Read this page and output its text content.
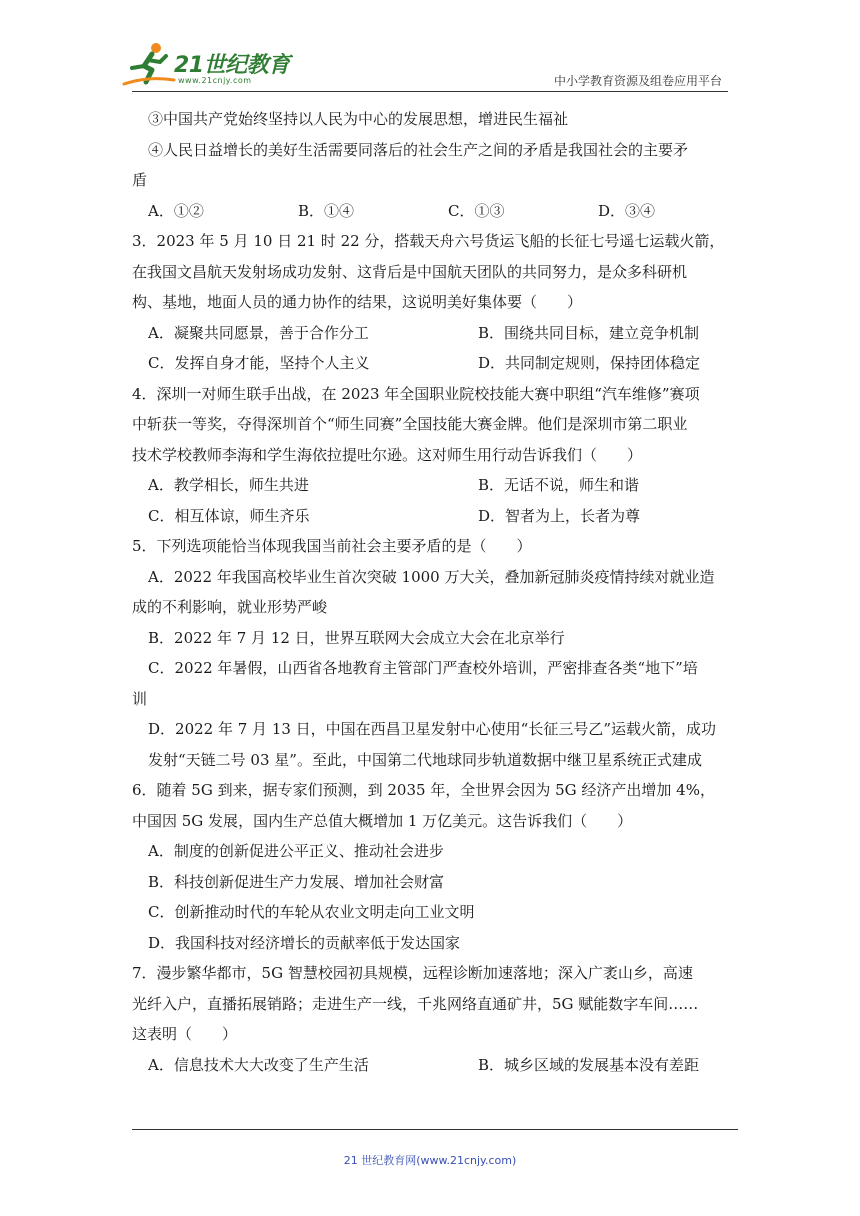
21世纪教育
www.21cnjy.com	中小学教育资源及组卷应用平台
③中国共产党始终坚持以人民为中心的发展思想，增进民生福祉
④人民日益增长的美好生活需要同落后的社会生产之间的矛盾是我国社会的主要矛
盾
A．①②	B．①④	C．①③	D．③④
3．2023 年 5 月 10 日 21 时 22 分，搭载天舟六号货运飞船的长征七号遥七运载火箭，
在我国文昌航天发射场成功发射、这背后是中国航天团队的共同努力，是众多科研机
构、基地，地面人员的通力协作的结果，这说明美好集体要（　　）
A．凝聚共同愿景，善于合作分工	B．围绕共同目标，建立竞争机制
C．发挥自身才能，坚持个人主义	D．共同制定规则，保持团体稳定
4．深圳一对师生联手出战，在 2023 年全国职业院校技能大赛中职组“汽车维修”赛项
中斩获一等奖，夺得深圳首个“师生同赛”全国技能大赛金牌。他们是深圳市第二职业
技术学校教师李海和学生海依拉提吐尔逊。这对师生用行动告诉我们（　　）
A．教学相长，师生共进	B．无话不说，师生和谐
C．相互体谅，师生齐乐	D．智者为上，长者为尊
5．下列选项能恰当体现我国当前社会主要矛盾的是（　　）
A．2022 年我国高校毕业生首次突破 1000 万大关，叠加新冠肺炎疫情持续对就业造
成的不利影响，就业形势严峻
B．2022 年 7 月 12 日，世界互联网大会成立大会在北京举行
C．2022 年暑假，山西省各地教育主管部门严查校外培训，严密排查各类“地下”培
训
D．2022 年 7 月 13 日，中国在西昌卫星发射中心使用“长征三号乙”运载火箭，成功
发射“天链二号 03 星”。至此，中国第二代地球同步轨道数据中继卫星系统正式建成
6．随着 5G 到来，据专家们预测，到 2035 年，全世界会因为 5G 经济产出增加 4%，
中国因 5G 发展，国内生产总值大概增加 1 万亿美元。这告诉我们（　　）
A．制度的创新促进公平正义、推动社会进步
B．科技创新促进生产力发展、增加社会财富
C．创新推动时代的车轮从农业文明走向工业文明
D．我国科技对经济增长的贡献率低于发达国家
7．漫步繁华都市，5G 智慧校园初具规模，远程诊断加速落地；深入广袤山乡，高速
光纤入户，直播拓展销路；走进生产一线，千兆网络直通矿井，5G 赋能数字车间……
这表明（　　）
A．信息技术大大改变了生产生活	B．城乡区域的发展基本没有差距
21 世纪教育网(www.21cnjy.com)
